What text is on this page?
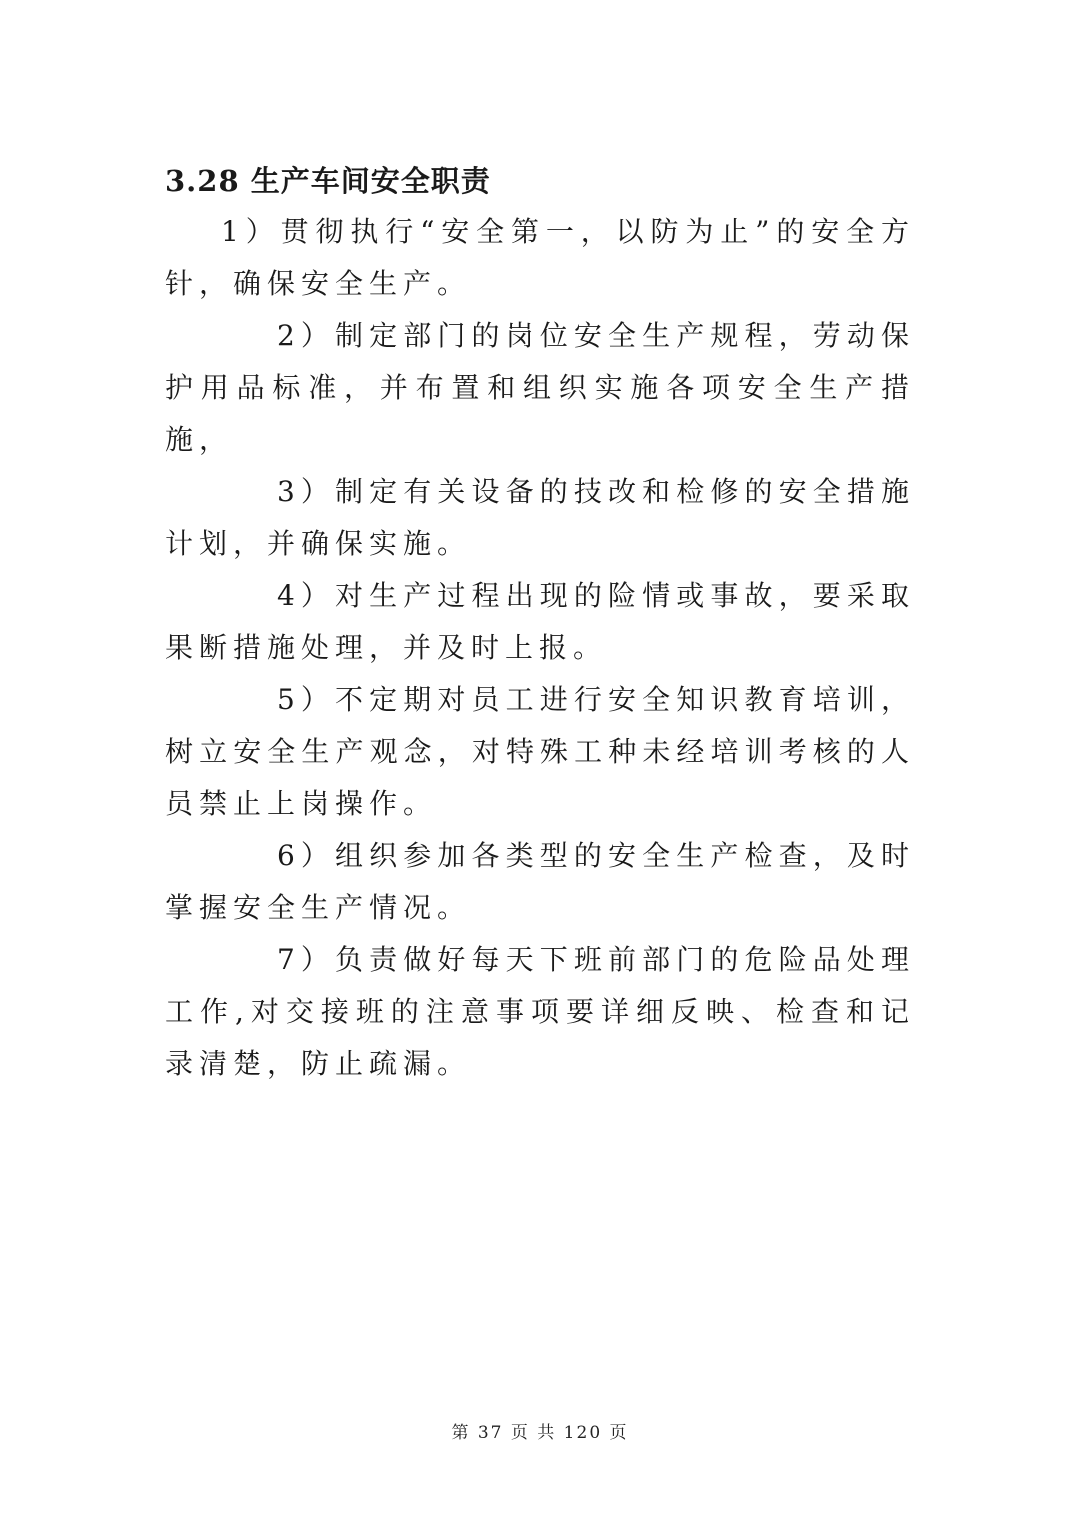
3.28 生产车间安全职责

1）贯彻执行“安全第一，以防为止”的安全方针，确保安全生产。

2）制定部门的岗位安全生产规程，劳动保护用品标准，并布置和组织实施各项安全生产措施，

3）制定有关设备的技改和检修的安全措施计划，并确保实施。

4）对生产过程出现的险情或事故，要采取果断措施处理，并及时上报。

5）不定期对员工进行安全知识教育培训，树立安全生产观念，对特殊工种未经培训考核的人员禁止上岗操作。

6）组织参加各类型的安全生产检查，及时掌握安全生产情况。

7）负责做好每天下班前部门的危险品处理工作,对交接班的注意事项要详细反映、检查和记录清楚，防止疏漏。

第 37 页 共 120 页
